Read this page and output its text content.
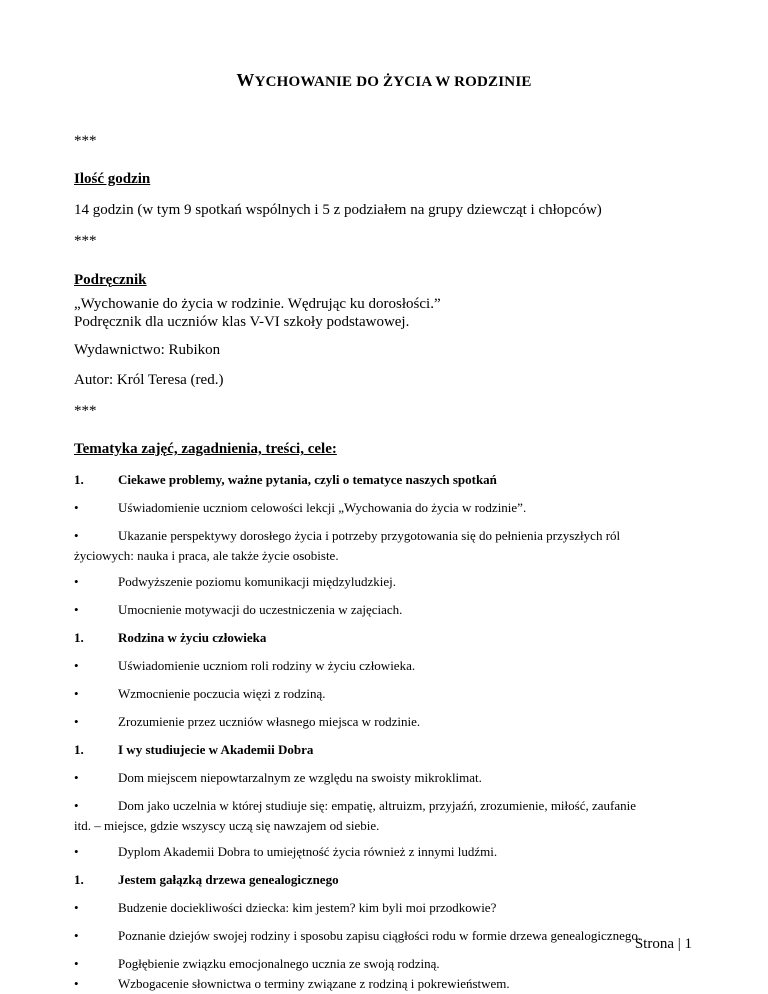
WYCHOWANIE DO ŻYCIA W RODZINIE
***
Ilość godzin
14 godzin (w tym 9 spotkań wspólnych i 5 z podziałem na grupy dziewcząt i chłopców)
***
Podręcznik
„Wychowanie do życia w rodzinie. Wędrując ku dorosłości.”
Podręcznik dla uczniów klas V-VI szkoły podstawowej.
Wydawnictwo: Rubikon
Autor: Król Teresa (red.)
***
Tematyka zajęć, zagadnienia, treści, cele:
1.	Ciekawe problemy, ważne pytania, czyli o tematyce naszych spotkań
•	Uświadomienie uczniom celowości lekcji „Wychowania do życia w rodzinie”.
•	Ukazanie perspektywy dorosłego życia i potrzeby przygotowania się do pełnienia przyszłych ról
życiowych: nauka i praca, ale także życie osobiste.
•	Podwyższenie poziomu komunikacji międzyludzkiej.
•	Umocnienie motywacji do uczestniczenia w zajęciach.
1.	Rodzina w życiu człowieka
•	Uświadomienie uczniom roli rodziny w życiu człowieka.
•	Wzmocnienie poczucia więzi z rodziną.
•	Zrozumienie przez uczniów własnego miejsca w rodzinie.
1.	I wy studiujecie w Akademii Dobra
•	Dom miejscem niepowtarzalnym ze względu na swoisty mikroklimat.
•	Dom jako uczelnia w której studiuje się: empatię, altruizm, przyjaźń, zrozumienie, miłość, zaufanie
itd. – miejsce, gdzie wszyscy uczą się nawzajem od siebie.
•	Dyplom Akademii Dobra to umiejętność życia również z innymi ludźmi.
1.	Jestem gałązką drzewa genealogicznego
•	Budzenie dociekliwości dziecka: kim jestem? kim byli moi przodkowie?
•	Poznanie dziejów swojej rodziny i sposobu zapisu ciągłości rodu w formie drzewa genealogicznego.
•	Pogłębienie związku emocjonalnego ucznia ze swoją rodziną.
•	Wzbogacenie słownictwa o terminy związane z rodziną i pokrewieństwem.
Strona | 1
